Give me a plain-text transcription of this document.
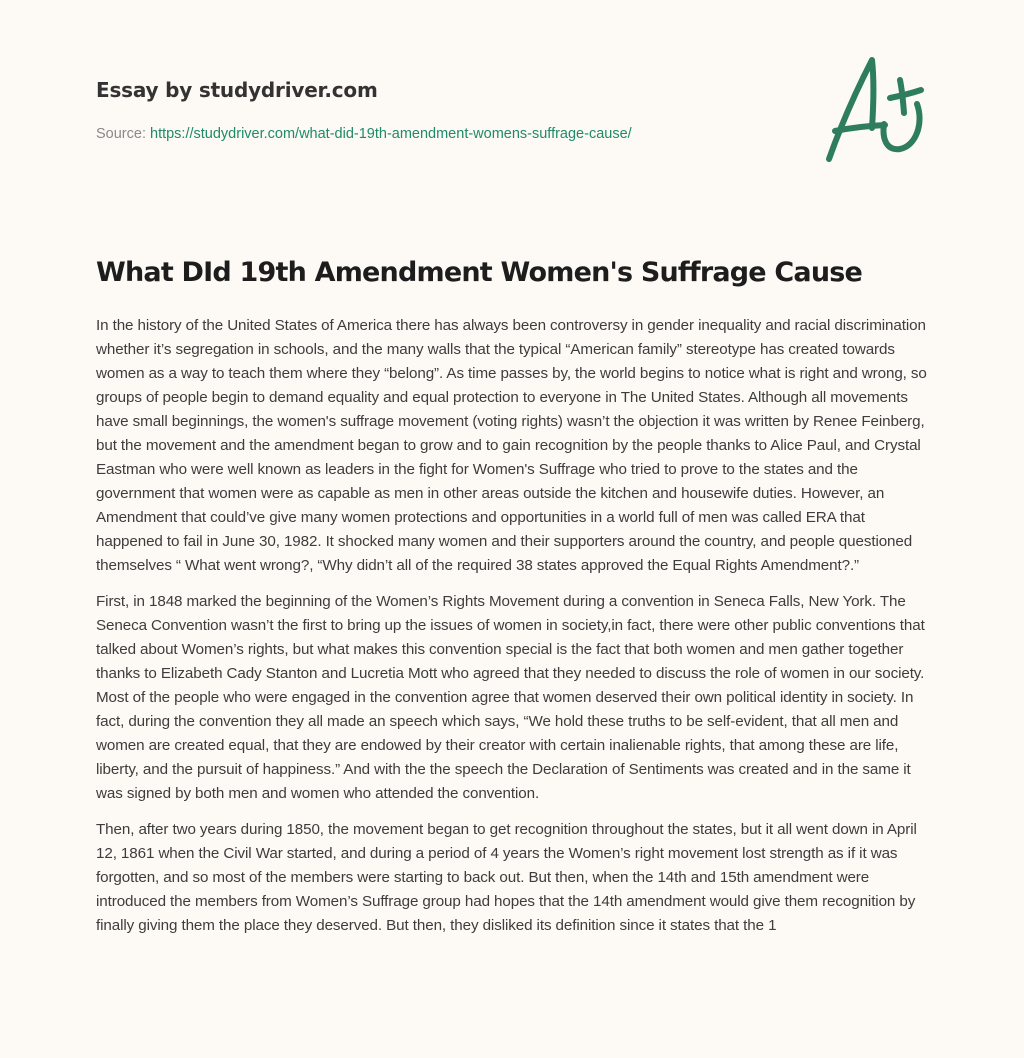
Essay by studydriver.com
Source: https://studydriver.com/what-did-19th-amendment-womens-suffrage-cause/
What DId 19th Amendment Women's Suffrage Cause

In the history of the United States of America there has always been controversy in gender inequality and racial discrimination whether it’s segregation in schools, and the many walls that the typical “American family” stereotype has created towards women as a way to teach them where they “belong”. As time passes by, the world begins to notice what is right and wrong, so groups of people begin to demand equality and equal protection to everyone in The United States. Although all movements have small beginnings, the women's suffrage movement (voting rights) wasn’t the objection it was written by Renee Feinberg, but the movement and the amendment began to grow and to gain recognition by the people thanks to Alice Paul, and Crystal Eastman who were well known as leaders in the fight for Women's Suffrage who tried to prove to the states and the government that women were as capable as men in other areas outside the kitchen and housewife duties. However, an Amendment that could’ve give many women protections and opportunities in a world full of men was called ERA that happened to fail in June 30, 1982. It shocked many women and their supporters around the country, and people questioned themselves “ What went wrong?, “Why didn’t all of the required 38 states approved the Equal Rights Amendment?.”

First, in 1848 marked the beginning of the Women’s Rights Movement during a convention in Seneca Falls, New York. The Seneca Convention wasn’t the first to bring up the issues of women in society,in fact, there were other public conventions that talked about Women’s rights, but what makes this convention special is the fact that both women and men gather together thanks to Elizabeth Cady Stanton and Lucretia Mott who agreed that they needed to discuss the role of women in our society. Most of the people who were engaged in the convention agree that women deserved their own political identity in society. In fact, during the convention they all made an speech which says, “We hold these truths to be self-evident, that all men and women are created equal, that they are endowed by their creator with certain inalienable rights, that among these are life, liberty, and the pursuit of happiness.” And with the the speech the Declaration of Sentiments was created and in the same it was signed by both men and women who attended the convention.

Then, after two years during 1850, the movement began to get recognition throughout the states, but it all went down in April 12, 1861 when the Civil War started, and during a period of 4 years the Women’s right movement lost strength as if it was forgotten, and so most of the members were starting to back out. But then, when the 14th and 15th amendment were introduced the members from Women’s Suffrage group had hopes that the 14th amendment would give them recognition by finally giving them the place they deserved. But then, they disliked its definition since it states that the 1
